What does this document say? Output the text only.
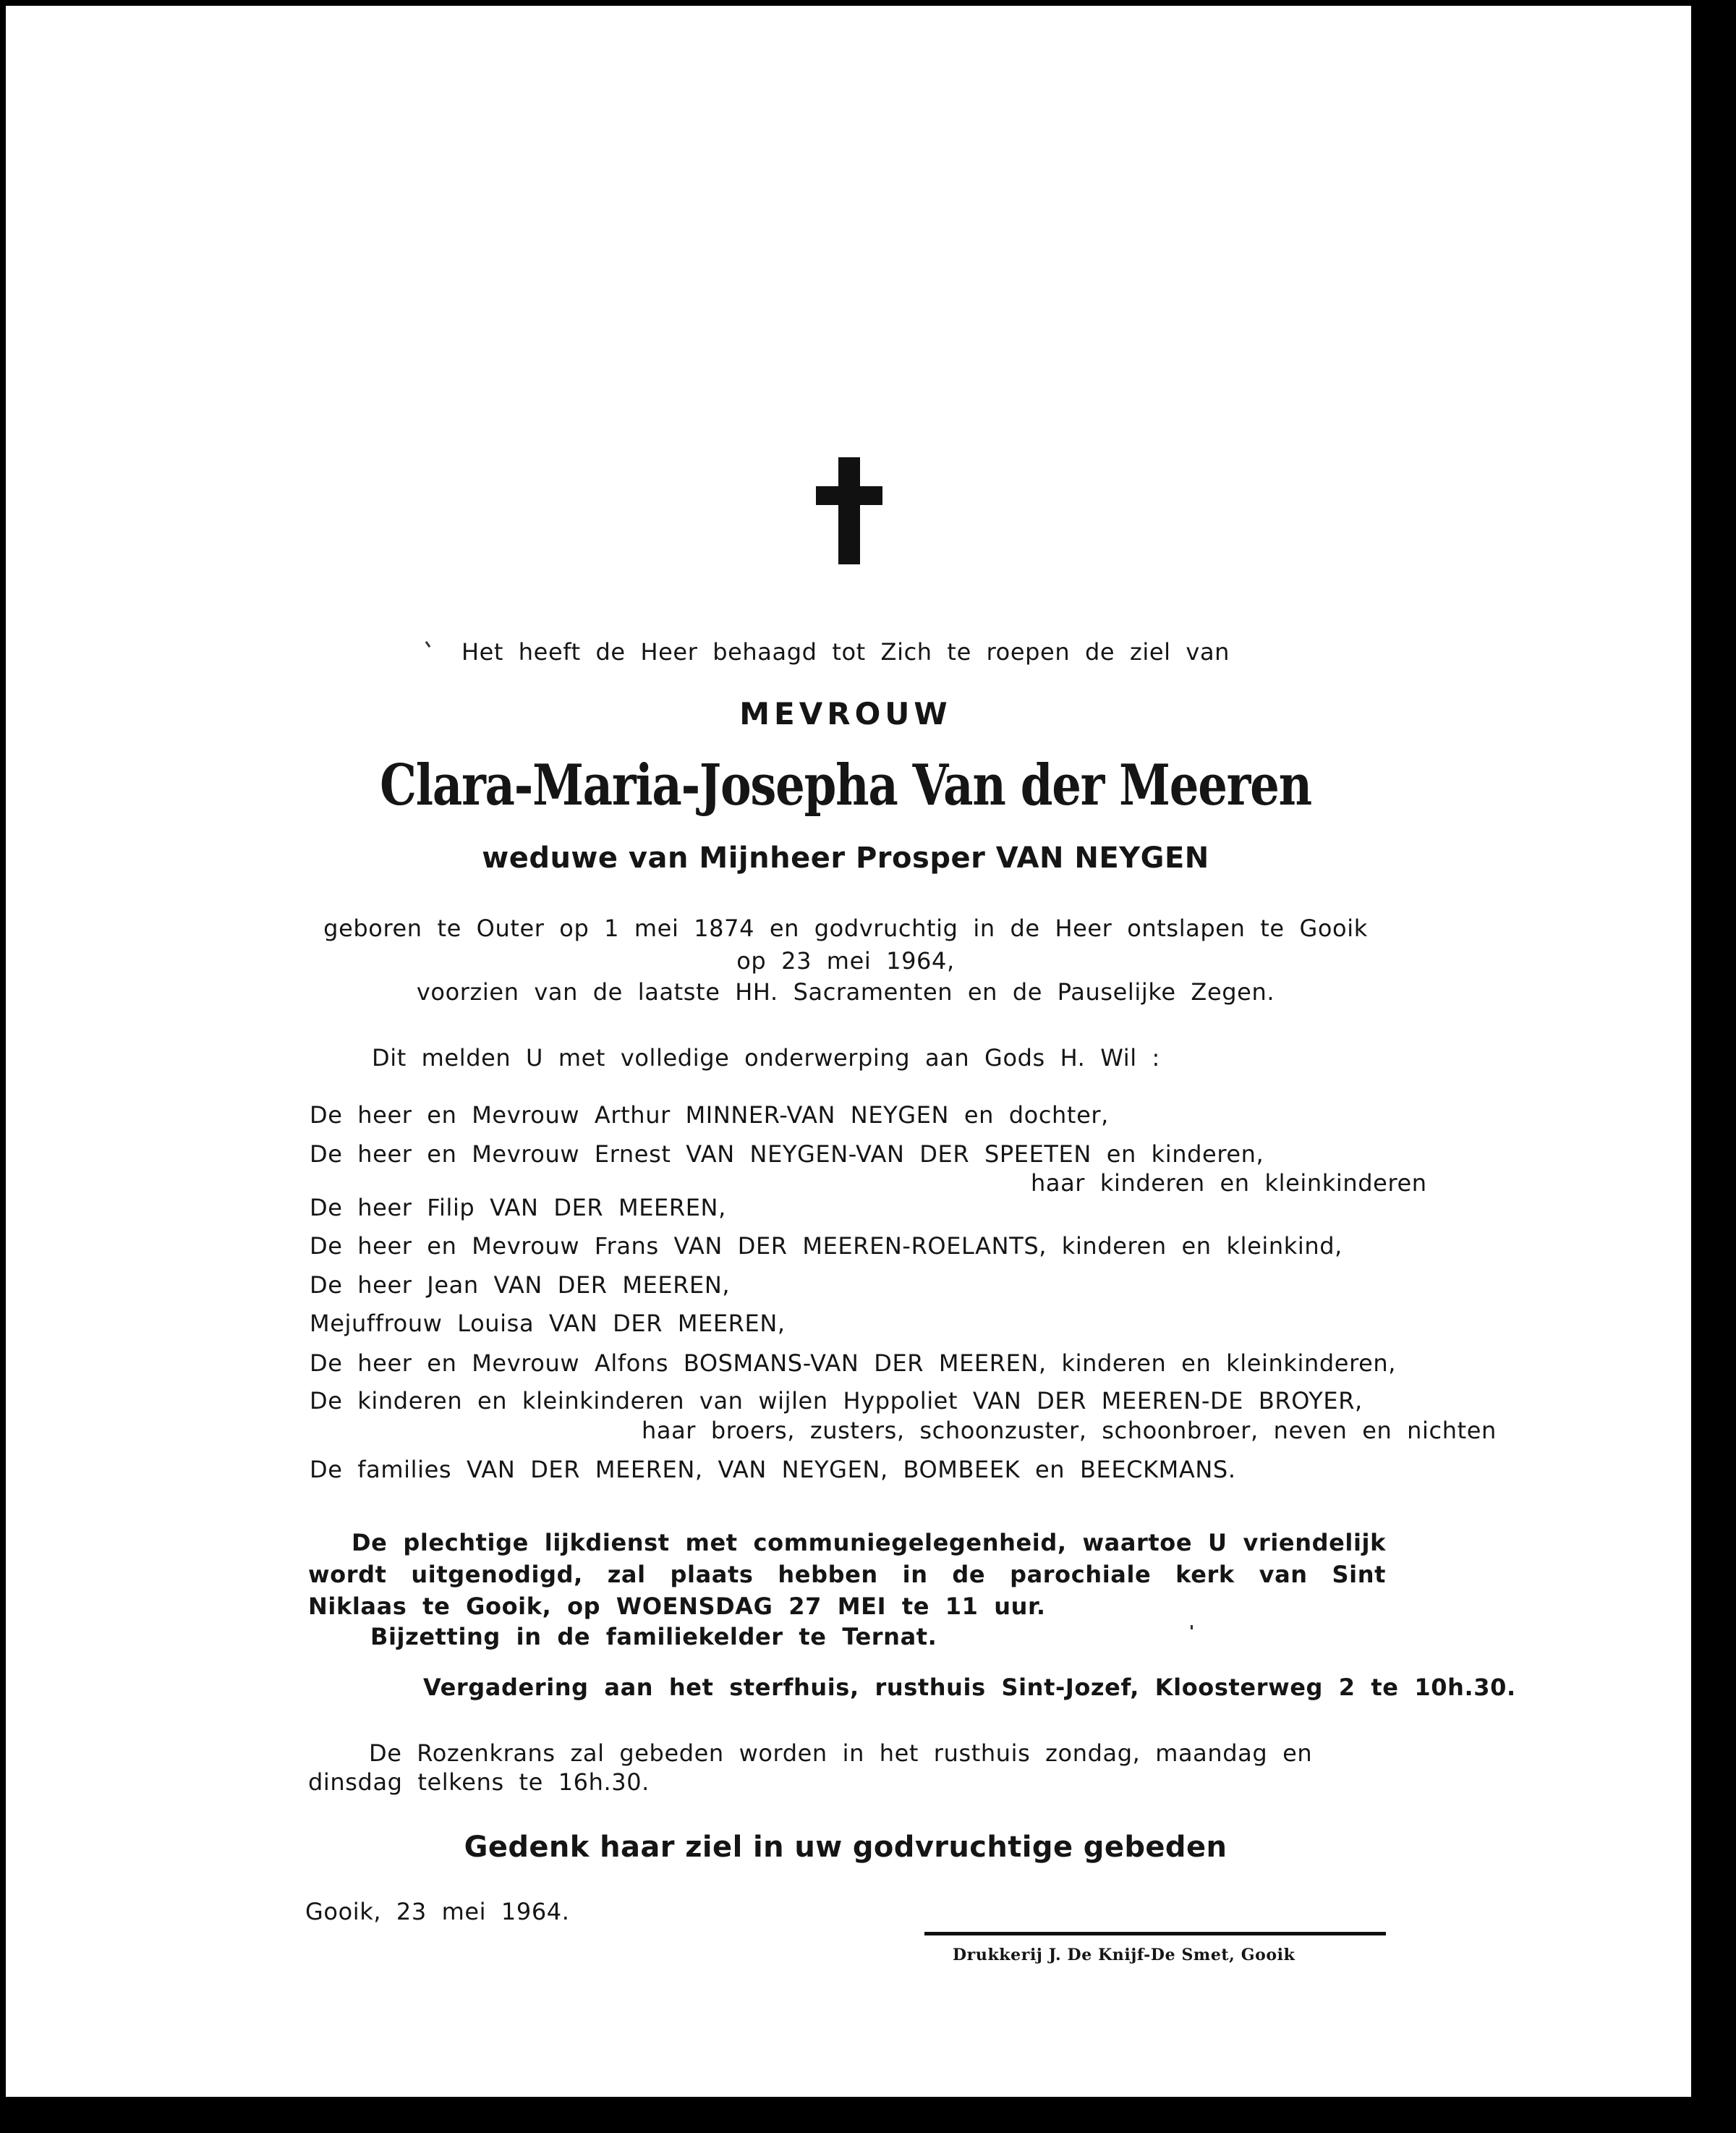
Het heeft de Heer behaagd tot Zich te roepen de ziel van

MEVROUW

Clara-Maria-Josepha Van der Meeren

weduwe van Mijnheer Prosper VAN NEYGEN

geboren te Outer op 1 mei 1874 en godvruchtig in de Heer ontslapen te Gooik

op 23 mei 1964,

voorzien van de laatste HH. Sacramenten en de Pauselijke Zegen.

Dit melden U met volledige onderwerping aan Gods H. Wil :

De heer en Mevrouw Arthur MINNER-VAN NEYGEN en dochter,

De heer en Mevrouw Ernest VAN NEYGEN-VAN DER SPEETEN en kinderen,

haar kinderen en kleinkinderen

De heer Filip VAN DER MEEREN,

De heer en Mevrouw Frans VAN DER MEEREN-ROELANTS, kinderen en kleinkind,

De heer Jean VAN DER MEEREN,

Mejuffrouw Louisa VAN DER MEEREN,

De heer en Mevrouw Alfons BOSMANS-VAN DER MEEREN, kinderen en kleinkinderen,

De kinderen en kleinkinderen van wijlen Hyppoliet VAN DER MEEREN-DE BROYER,

haar broers, zusters, schoonzuster, schoonbroer, neven en nichten

De families VAN DER MEEREN, VAN NEYGEN, BOMBEEK en BEECKMANS.

De plechtige lijkdienst met communiegelegenheid, waartoe U vriendelijk wordt uitgenodigd, zal plaats hebben in de parochiale kerk van Sint Niklaas te Gooik, op WOENSDAG 27 MEI te 11 uur.

Bijzetting in de familiekelder te Ternat.

Vergadering aan het sterfhuis, rusthuis Sint-Jozef, Kloosterweg 2 te 10h.30.

De Rozenkrans zal gebeden worden in het rusthuis zondag, maandag en dinsdag telkens te 16h.30.

Gedenk haar ziel in uw godvruchtige gebeden

Gooik, 23 mei 1964.

Drukkerij J. De Knijf-De Smet, Gooik
